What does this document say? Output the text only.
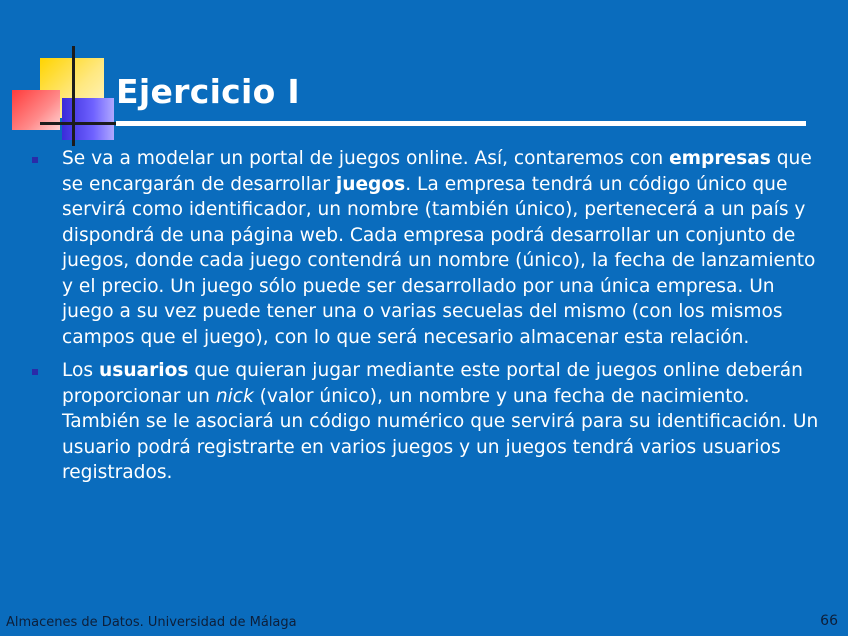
Ejercicio I
Se va a modelar un portal de juegos online. Así, contaremos con empresas que se encargarán de desarrollar juegos. La empresa tendrá un código único que servirá como identificador, un nombre (también único), pertenecerá a un país y dispondrá de una página web. Cada empresa podrá desarrollar un conjunto de juegos, donde cada juego contendrá un nombre (único), la fecha de lanzamiento y el precio. Un juego sólo puede ser desarrollado por una única empresa. Un juego a su vez puede tener una o varias secuelas del mismo (con los mismos campos que el juego), con lo que será necesario almacenar esta relación.
Los usuarios que quieran jugar mediante este portal de juegos online deberán proporcionar un nick (valor único), un nombre y una fecha de nacimiento. También se le asociará un código numérico que servirá para su identificación. Un usuario podrá registrarte en varios juegos y un juegos tendrá varios usuarios registrados.
Almacenes de Datos. Universidad de Málaga	66
